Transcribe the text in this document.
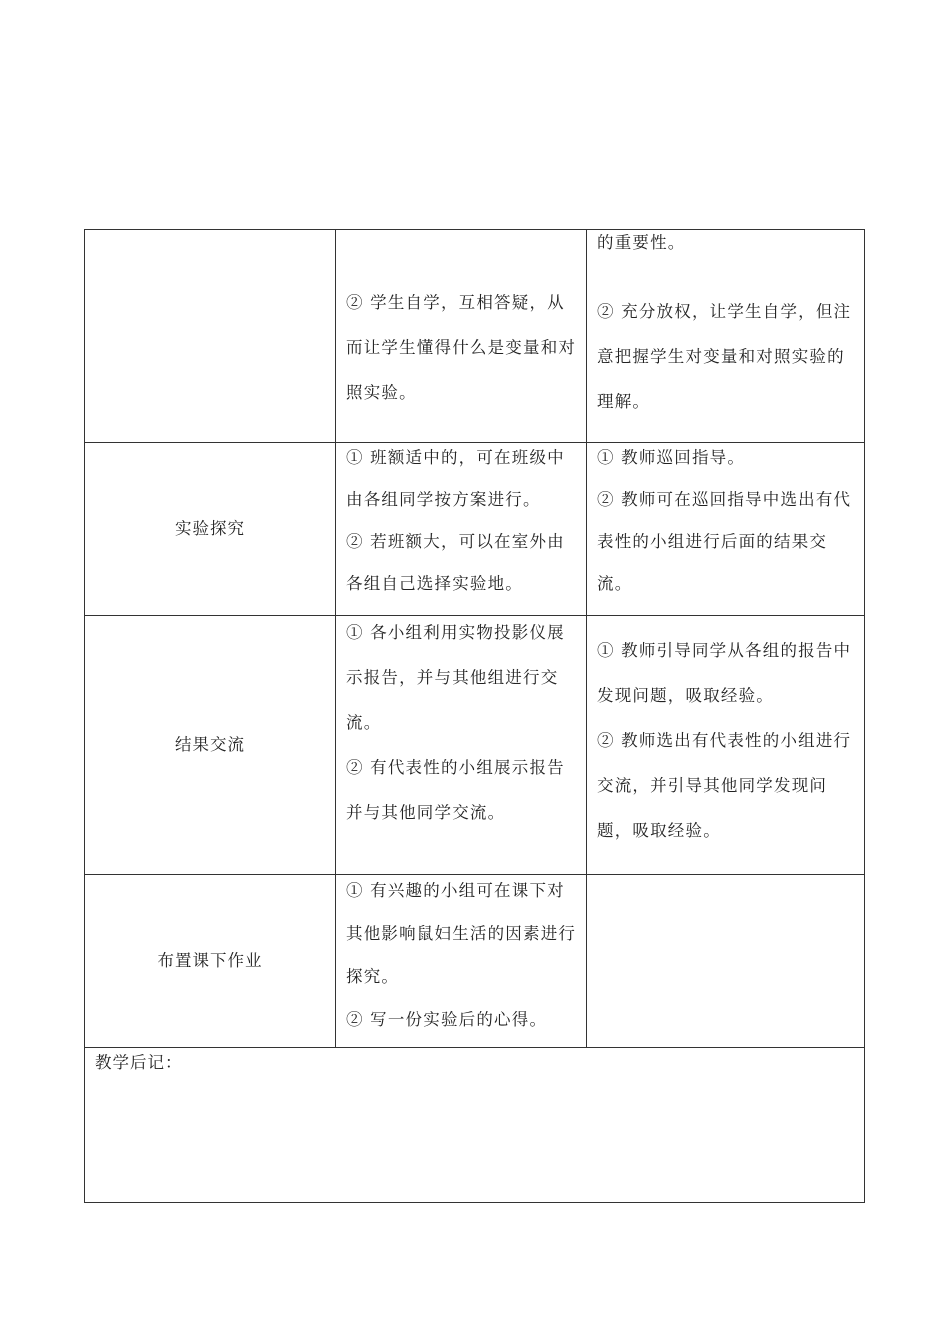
② 学生自学，互相答疑，从而让学生懂得什么是变量和对照实验。
的重要性。
② 充分放权，让学生自学，但注意把握学生对变量和对照实验的理解。
实验探究
① 班额适中的，可在班级中由各组同学按方案进行。
② 若班额大，可以在室外由各组自己选择实验地。
① 教师巡回指导。
② 教师可在巡回指导中选出有代表性的小组进行后面的结果交流。
结果交流
① 各小组利用实物投影仪展示报告，并与其他组进行交流。
② 有代表性的小组展示报告并与其他同学交流。
① 教师引导同学从各组的报告中发现问题，吸取经验。
② 教师选出有代表性的小组进行交流，并引导其他同学发现问题，吸取经验。
布置课下作业
① 有兴趣的小组可在课下对其他影响鼠妇生活的因素进行探究。
② 写一份实验后的心得。
教学后记：
